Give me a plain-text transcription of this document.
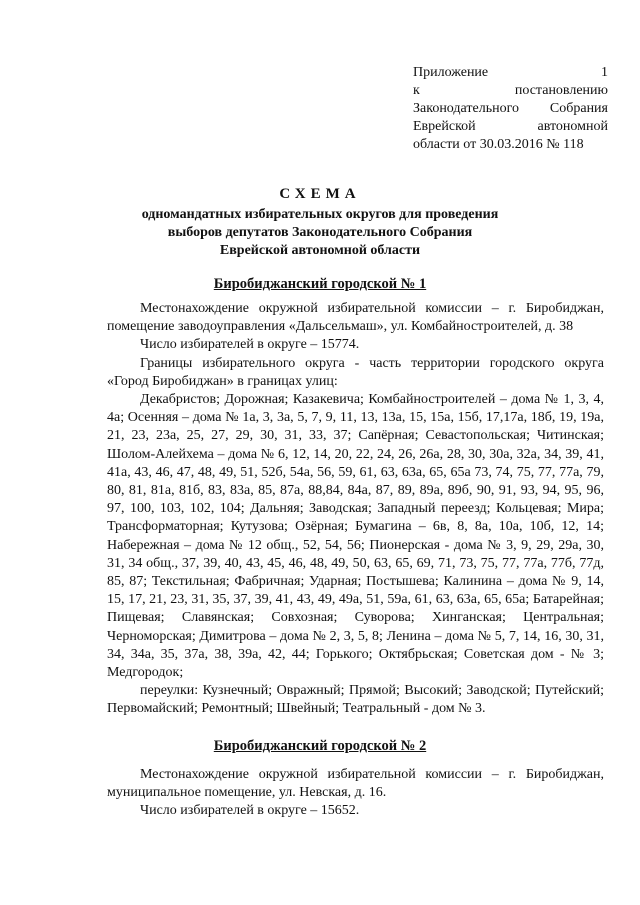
Приложение 1
к постановлению
Законодательного Собрания
Еврейской автономной
области от 30.03.2016 № 118
СХЕМА
одномандатных избирательных округов для проведения
выборов депутатов Законодательного Собрания
Еврейской автономной области
Биробиджанский городской № 1

Местонахождение окружной избирательной комиссии – г. Биробиджан, помещение заводоуправления «Дальсельмаш», ул. Комбайностроителей, д. 38

Число избирателей в округе – 15774.

Границы избирательного округа - часть территории городского округа «Город Биробиджан» в границах улиц:

Декабристов; Дорожная; Казакевича; Комбайностроителей – дома № 1, 3, 4, 4а; Осенняя – дома № 1а, 3, 3а, 5, 7, 9, 11, 13, 13а, 15, 15а, 15б, 17,17а, 18б, 19, 19а, 21, 23, 23а, 25, 27, 29, 30, 31, 33, 37; Сапёрная; Севастопольская; Читинская; Шолом-Алейхема – дома № 6, 12, 14, 20, 22, 24, 26, 26а, 28, 30, 30а, 32а, 34, 39, 41, 41а, 43, 46, 47, 48, 49, 51, 52б, 54а, 56, 59, 61, 63, 63а, 65, 65а 73, 74, 75, 77, 77а, 79, 80, 81, 81а, 81б, 83, 83а, 85, 87а, 88,84, 84а, 87, 89, 89а, 89б, 90, 91, 93, 94, 95, 96, 97, 100, 103, 102, 104; Дальняя; Заводская; Западный переезд; Кольцевая; Мира; Трансформаторная; Кутузова; Озёрная; Бумагина – 6в, 8, 8а, 10а, 10б, 12, 14; Набережная – дома № 12 общ., 52, 54, 56; Пионерская - дома № 3, 9, 29, 29а, 30, 31, 34 общ., 37, 39, 40, 43, 45, 46, 48, 49, 50, 63, 65, 69, 71, 73, 75, 77, 77а, 77б, 77д, 85, 87; Текстильная; Фабричная; Ударная; Постышева; Калинина – дома № 9, 14, 15, 17, 21, 23, 31, 35, 37, 39, 41, 43, 49, 49а, 51, 59а, 61, 63, 63а, 65, 65а; Батарейная; Пищевая; Славянская; Совхозная; Суворова; Хинганская; Центральная; Черноморская; Димитрова – дома № 2, 3, 5, 8; Ленина – дома № 5, 7, 14, 16, 30, 31, 34, 34а, 35, 37а, 38, 39а, 42, 44; Горького; Октябрьская; Советская дом - № 3; Медгородок;

переулки: Кузнечный; Овражный; Прямой; Высокий; Заводской; Путейский; Первомайский; Ремонтный; Швейный; Театральный - дом № 3.

Биробиджанский городской № 2

Местонахождение окружной избирательной комиссии – г. Биробиджан, муниципальное помещение, ул. Невская, д. 16.

Число избирателей в округе – 15652.
